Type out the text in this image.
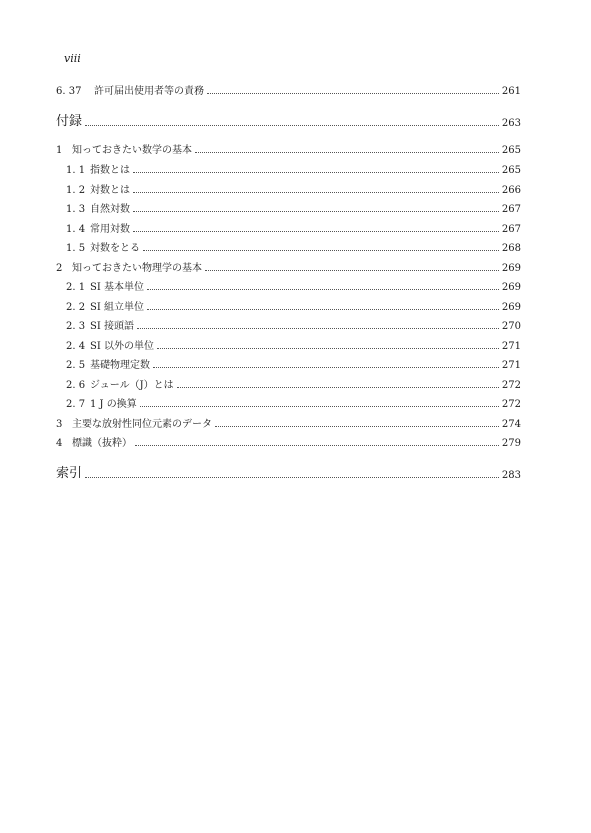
viii
6. 37 許可届出使用者等の責務	261
付録	263
1 知っておきたい数学の基本	265
1. 1 指数とは	265
1. 2 対数とは	266
1. 3 自然対数	267
1. 4 常用対数	267
1. 5 対数をとる	268
2 知っておきたい物理学の基本	269
2. 1 SI 基本単位	269
2. 2 SI 組立単位	269
2. 3 SI 接頭語	270
2. 4 SI 以外の単位	271
2. 5 基礎物理定数	271
2. 6 ジュール（J）とは	272
2. 7 1 J の換算	272
3 主要な放射性同位元素のデータ	274
4 標識（抜粋）	279
索引	283
